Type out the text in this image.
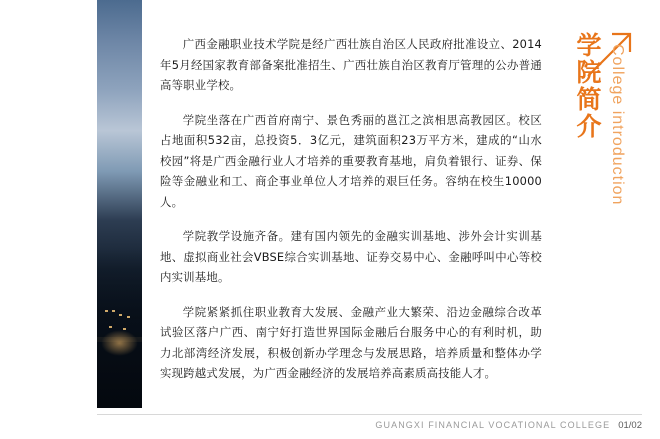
广西金融职业技术学院是经广西壮族自治区人民政府批准设立、2014年5月经国家教育部备案批准招生、广西壮族自治区教育厅管理的公办普通高等职业学校。

学院坐落在广西首府南宁、景色秀丽的邕江之滨相思高教园区。校区占地面积532亩，总投资5．3亿元，建筑面积23万平方米，建成的“山水校园”将是广西金融行业人才培养的重要教育基地，肩负着银行、证券、保险等金融业和工、商企事业单位人才培养的艰巨任务。容纳在校生10000人。

学院教学设施齐备。建有国内领先的金融实训基地、涉外会计实训基地、虚拟商业社会VBSE综合实训基地、证券交易中心、金融呼叫中心等校内实训基地。

学院紧紧抓住职业教育大发展、金融产业大繁荣、沿边金融综合改革试验区落户广西、南宁好打造世界国际金融后台服务中心的有利时机，助力北部湾经济发展，积极创新办学理念与发展思路，培养质量和整体办学实现跨越式发展，为广西金融经济的发展培养高素质高技能人才。

学院简介 College introduction
GUANGXI FINANCIAL VOCATIONAL COLLEGE 01/02
